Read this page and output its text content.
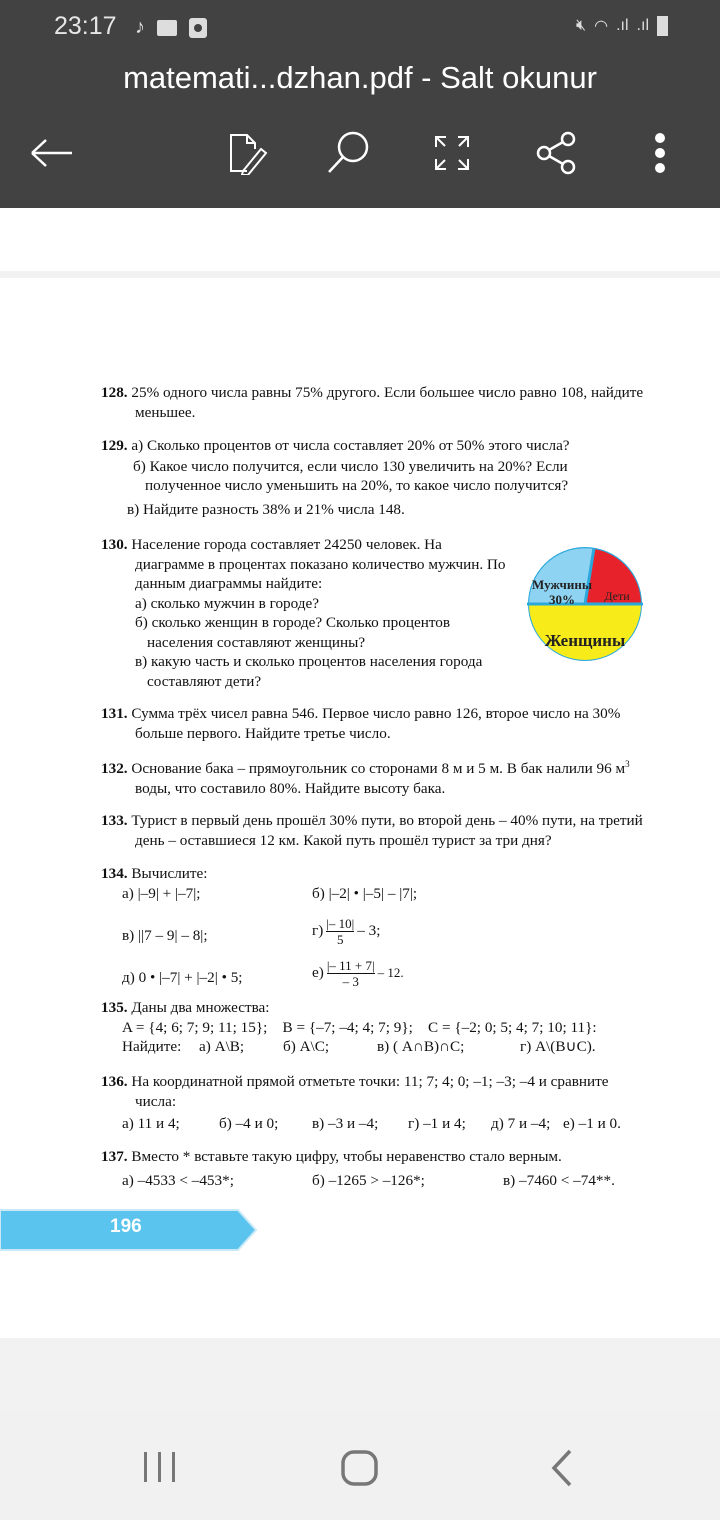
23:17 ♪	🔇︎ ◠ .ıl .ıl
matemati...dzhan.pdf - Salt okunur
128. 25% одного числа равны 75% другого. Если большее число равно 108, найдите меньшее.
129. а) Сколько процентов от числа составляет 20% от 50% этого числа?
б) Какое число получится, если число 130 увеличить на 20%? Если полученное число уменьшить на 20%, то какое число получится?
в) Найдите разность 38% и 21% числа 148.
130. Население города составляет 24250 человек. На диаграмме в процентах показано количество мужчин. По данным диаграммы найдите:
а) сколько мужчин в городе?
б) сколько женщин в городе? Сколько процентов населения составляют женщины?
в) какую часть и сколько процентов населения города составляют дети?
Мужчины
30% Дети
Женщины
131. Сумма трёх чисел равна 546. Первое число равно 126, второе число на 30% больше первого. Найдите третье число.
132. Основание бака – прямоугольник со сторонами 8 м и 5 м. В бак налили 96 $м^3$ воды, что составило 80%. Найдите высоту бака.
133. Турист в первый день прошёл 30% пути, во второй день – 40% пути, на третий день – оставшиеся 12 км. Какой путь прошёл турист за три дня?
134. Вычислите:
а) |–9| + |–7|;	б) |–2| • |–5| – |7|;
в) ||7 – 9| – 8|;	$г) \frac{|- 10|}{5} - 3$;
д) 0 • |–7| + |–2| • 5;	$е) \frac{|- 11 + 7|}{- 3} - 12$.
135. Даны два множества:
A = {4; 6; 7; 9; 11; 15};    B = {–7; –4; 4; 7; 9};    C = {–2; 0; 5; 4; 7; 10; 11}:
Найдите: а) A\B;	б) A\C;	в) ( A∩B)∩C;	г) A\(B∪C).
136. На координатной прямой отметьте точки: 11; 7; 4; 0; –1; –3; –4 и сравните числа:
а) 11 и 4;	б) –4 и 0; в) –3 и –4; г) –1 и 4; д) 7 и –4; е) –1 и 0.
137. Вместо * вставьте такую цифру, чтобы неравенство стало верным.
а) –4533 < –453*;	б) –1265 > –126*;	в) –7460 < –74**.
196
